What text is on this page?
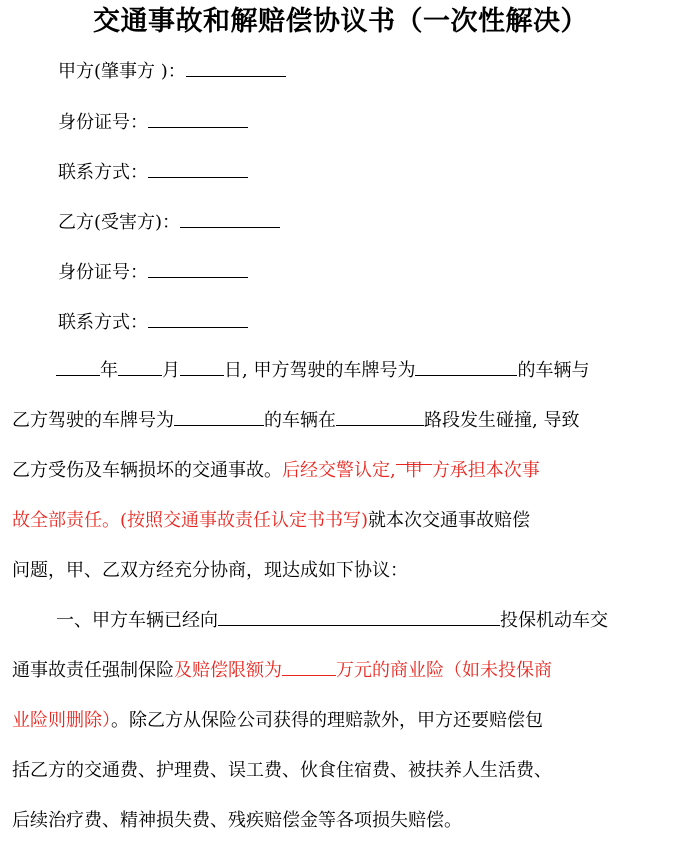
交通事故和解赔偿协议书（一次性解决）
甲方(肇事方 )：
身份证号：
联系方式：
乙方(受害方)：
身份证号：
联系方式：
年 月 日, 甲方驾驶的车牌号为	的车辆与
乙方驾驶的车牌号为	的车辆在	路段发生碰撞, 导致
乙方受伤及车辆损坏的交通事故。后经交警认定, 甲 方承担本次事
故全部责任。(按照交通事故责任认定书书写)就本次交通事故赔偿
问题，甲、乙双方经充分协商，现达成如下协议：
一、甲方车辆已经向	投保机动车交
通事故责任强制保险及赔偿限额为	万元的商业险（如未投保商
业险则删除）。除乙方从保险公司获得的理赔款外，甲方还要赔偿包
括乙方的交通费、护理费、误工费、伙食住宿费、被扶养人生活费、
后续治疗费、精神损失费、残疾赔偿金等各项损失赔偿。
